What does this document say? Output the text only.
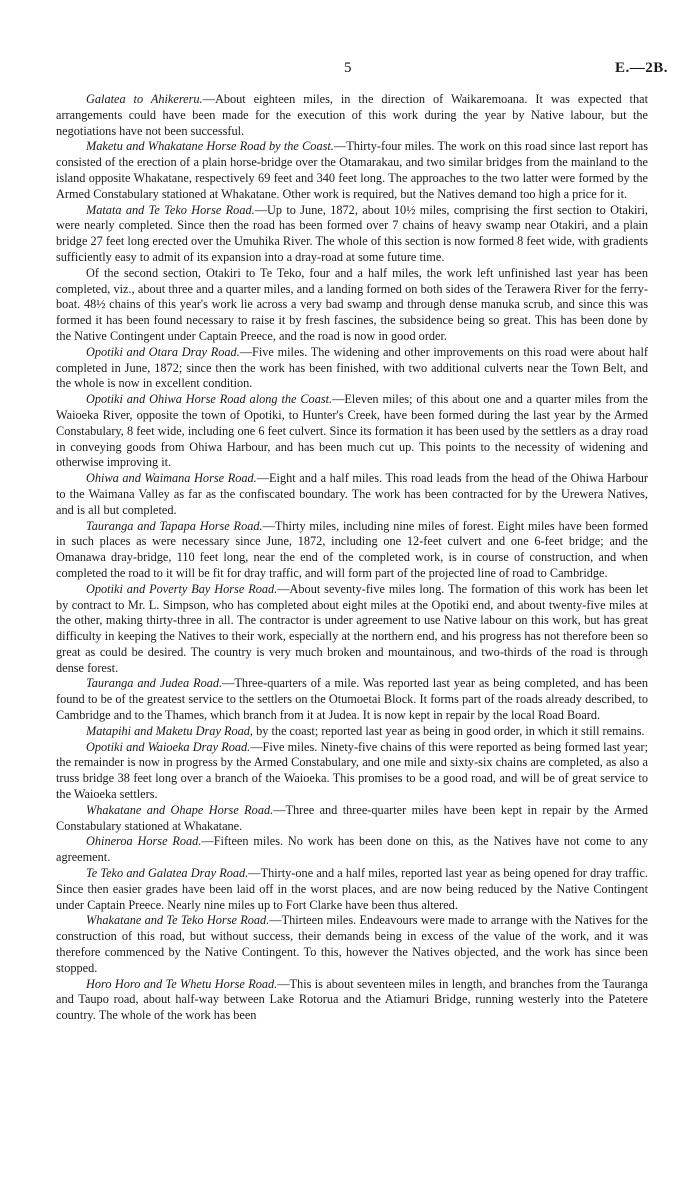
5	E.—2B.

Galatea to Ahikereru.—About eighteen miles, in the direction of Waikaremoana. It was expected that arrangements could have been made for the execution of this work during the year by Native labour, but the negotiations have not been successful.

Maketu and Whakatane Horse Road by the Coast.—Thirty-four miles. The work on this road since last report has consisted of the erection of a plain horse-bridge over the Otamarakau, and two similar bridges from the mainland to the island opposite Whakatane, respectively 69 feet and 340 feet long. The approaches to the two latter were formed by the Armed Constabulary stationed at Whakatane. Other work is required, but the Natives demand too high a price for it.

Matata and Te Teko Horse Road.—Up to June, 1872, about 10½ miles, comprising the first section to Otakiri, were nearly completed. Since then the road has been formed over 7 chains of heavy swamp near Otakiri, and a plain bridge 27 feet long erected over the Umuhika River. The whole of this section is now formed 8 feet wide, with gradients sufficiently easy to admit of its expansion into a dray-road at some future time.

Of the second section, Otakiri to Te Teko, four and a half miles, the work left unfinished last year has been completed, viz., about three and a quarter miles, and a landing formed on both sides of the Terawera River for the ferry-boat. 48½ chains of this year's work lie across a very bad swamp and through dense manuka scrub, and since this was formed it has been found necessary to raise it by fresh fascines, the subsidence being so great. This has been done by the Native Contingent under Captain Preece, and the road is now in good order.

Opotiki and Otara Dray Road.—Five miles. The widening and other improvements on this road were about half completed in June, 1872; since then the work has been finished, with two additional culverts near the Town Belt, and the whole is now in excellent condition.

Opotiki and Ohiwa Horse Road along the Coast.—Eleven miles; of this about one and a quarter miles from the Waioeka River, opposite the town of Opotiki, to Hunter's Creek, have been formed during the last year by the Armed Constabulary, 8 feet wide, including one 6 feet culvert. Since its formation it has been used by the settlers as a dray road in conveying goods from Ohiwa Harbour, and has been much cut up. This points to the necessity of widening and otherwise improving it.

Ohiwa and Waimana Horse Road.—Eight and a half miles. This road leads from the head of the Ohiwa Harbour to the Waimana Valley as far as the confiscated boundary. The work has been contracted for by the Urewera Natives, and is all but completed.

Tauranga and Tapapa Horse Road.—Thirty miles, including nine miles of forest. Eight miles have been formed in such places as were necessary since June, 1872, including one 12-feet culvert and one 6-feet bridge; and the Omanawa dray-bridge, 110 feet long, near the end of the completed work, is in course of construction, and when completed the road to it will be fit for dray traffic, and will form part of the projected line of road to Cambridge.

Opotiki and Poverty Bay Horse Road.—About seventy-five miles long. The formation of this work has been let by contract to Mr. L. Simpson, who has completed about eight miles at the Opotiki end, and about twenty-five miles at the other, making thirty-three in all. The contractor is under agreement to use Native labour on this work, but has great difficulty in keeping the Natives to their work, especially at the northern end, and his progress has not therefore been so great as could be desired. The country is very much broken and mountainous, and two-thirds of the road is through dense forest.

Tauranga and Judea Road.—Three-quarters of a mile. Was reported last year as being completed, and has been found to be of the greatest service to the settlers on the Otumoetai Block. It forms part of the roads already described, to Cambridge and to the Thames, which branch from it at Judea. It is now kept in repair by the local Road Board.

Matapihi and Maketu Dray Road, by the coast; reported last year as being in good order, in which it still remains.

Opotiki and Waioeka Dray Road.—Five miles. Ninety-five chains of this were reported as being formed last year; the remainder is now in progress by the Armed Constabulary, and one mile and sixty-six chains are completed, as also a truss bridge 38 feet long over a branch of the Waioeka. This promises to be a good road, and will be of great service to the Waioeka settlers.

Whakatane and Ohape Horse Road.—Three and three-quarter miles have been kept in repair by the Armed Constabulary stationed at Whakatane.

Ohineroa Horse Road.—Fifteen miles. No work has been done on this, as the Natives have not come to any agreement.

Te Teko and Galatea Dray Road.—Thirty-one and a half miles, reported last year as being opened for dray traffic. Since then easier grades have been laid off in the worst places, and are now being reduced by the Native Contingent under Captain Preece. Nearly nine miles up to Fort Clarke have been thus altered.

Whakatane and Te Teko Horse Road.—Thirteen miles. Endeavours were made to arrange with the Natives for the construction of this road, but without success, their demands being in excess of the value of the work, and it was therefore commenced by the Native Contingent. To this, however the Natives objected, and the work has since been stopped.

Horo Horo and Te Whetu Horse Road.—This is about seventeen miles in length, and branches from the Tauranga and Taupo road, about half-way between Lake Rotorua and the Atiamuri Bridge, running westerly into the Patetere country. The whole of the work has been
